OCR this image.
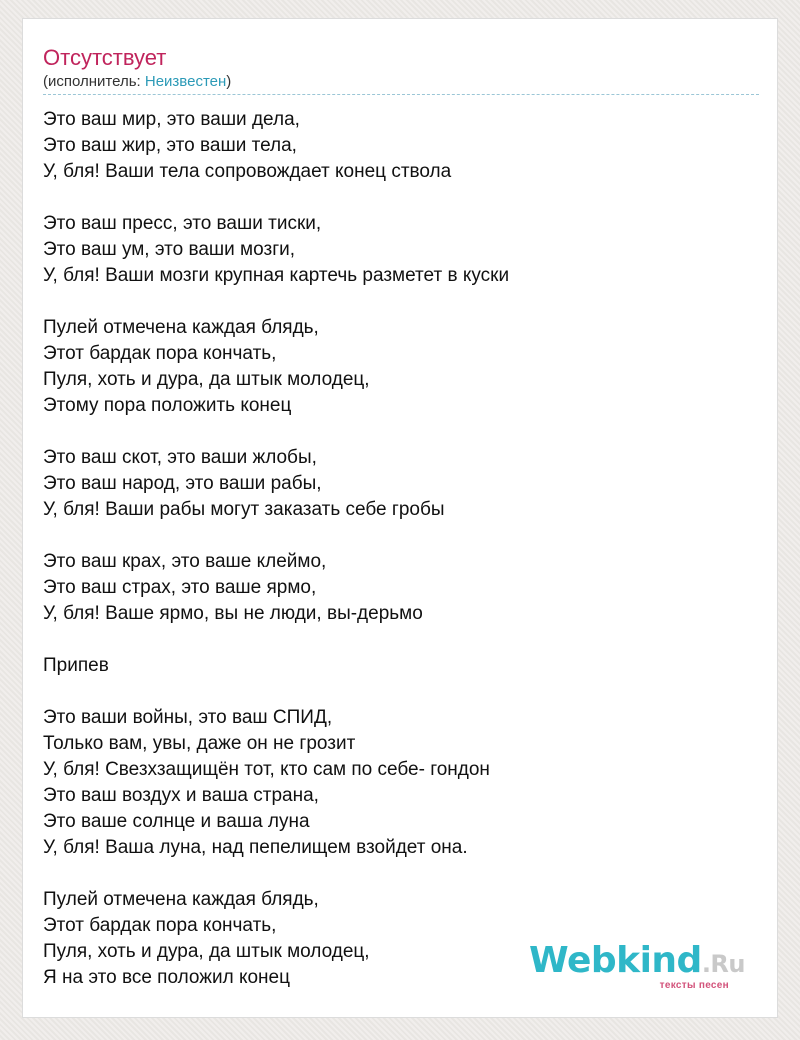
Отсутствует
(исполнитель: Неизвестен)
Это ваш мир, это ваши дела,
Это ваш жир, это ваши тела,
У, бля! Ваши тела сопровождает конец ствола
Это ваш пресс, это ваши тиски,
Это ваш ум, это ваши мозги,
У, бля! Ваши мозги крупная картечь разметет в куски
Пулей отмечена каждая блядь,
Этот бардак пора кончать,
Пуля, хоть и дура, да штык молодец,
Этому пора положить конец
Это ваш скот, это ваши жлобы,
Это ваш народ, это ваши рабы,
У, бля! Ваши рабы могут заказать себе гробы
Это ваш крах, это ваше клеймо,
Это ваш страх, это ваше ярмо,
У, бля! Ваше ярмо, вы не люди, вы-дерьмо
Припев
Это ваши войны, это ваш СПИД,
Только вам, увы, даже он не грозит
У, бля! Свезхзащищён тот, кто сам по себе- гондон
Это ваш воздух и ваша страна,
Это ваше солнце и ваша луна
У, бля! Ваша луна, над пепелищем взойдет она.
Пулей отмечена каждая блядь,
Этот бардак пора кончать,
Пуля, хоть и дура, да штык молодец,
Я на это все положил конец	Webkind.Ru
тексты песен
